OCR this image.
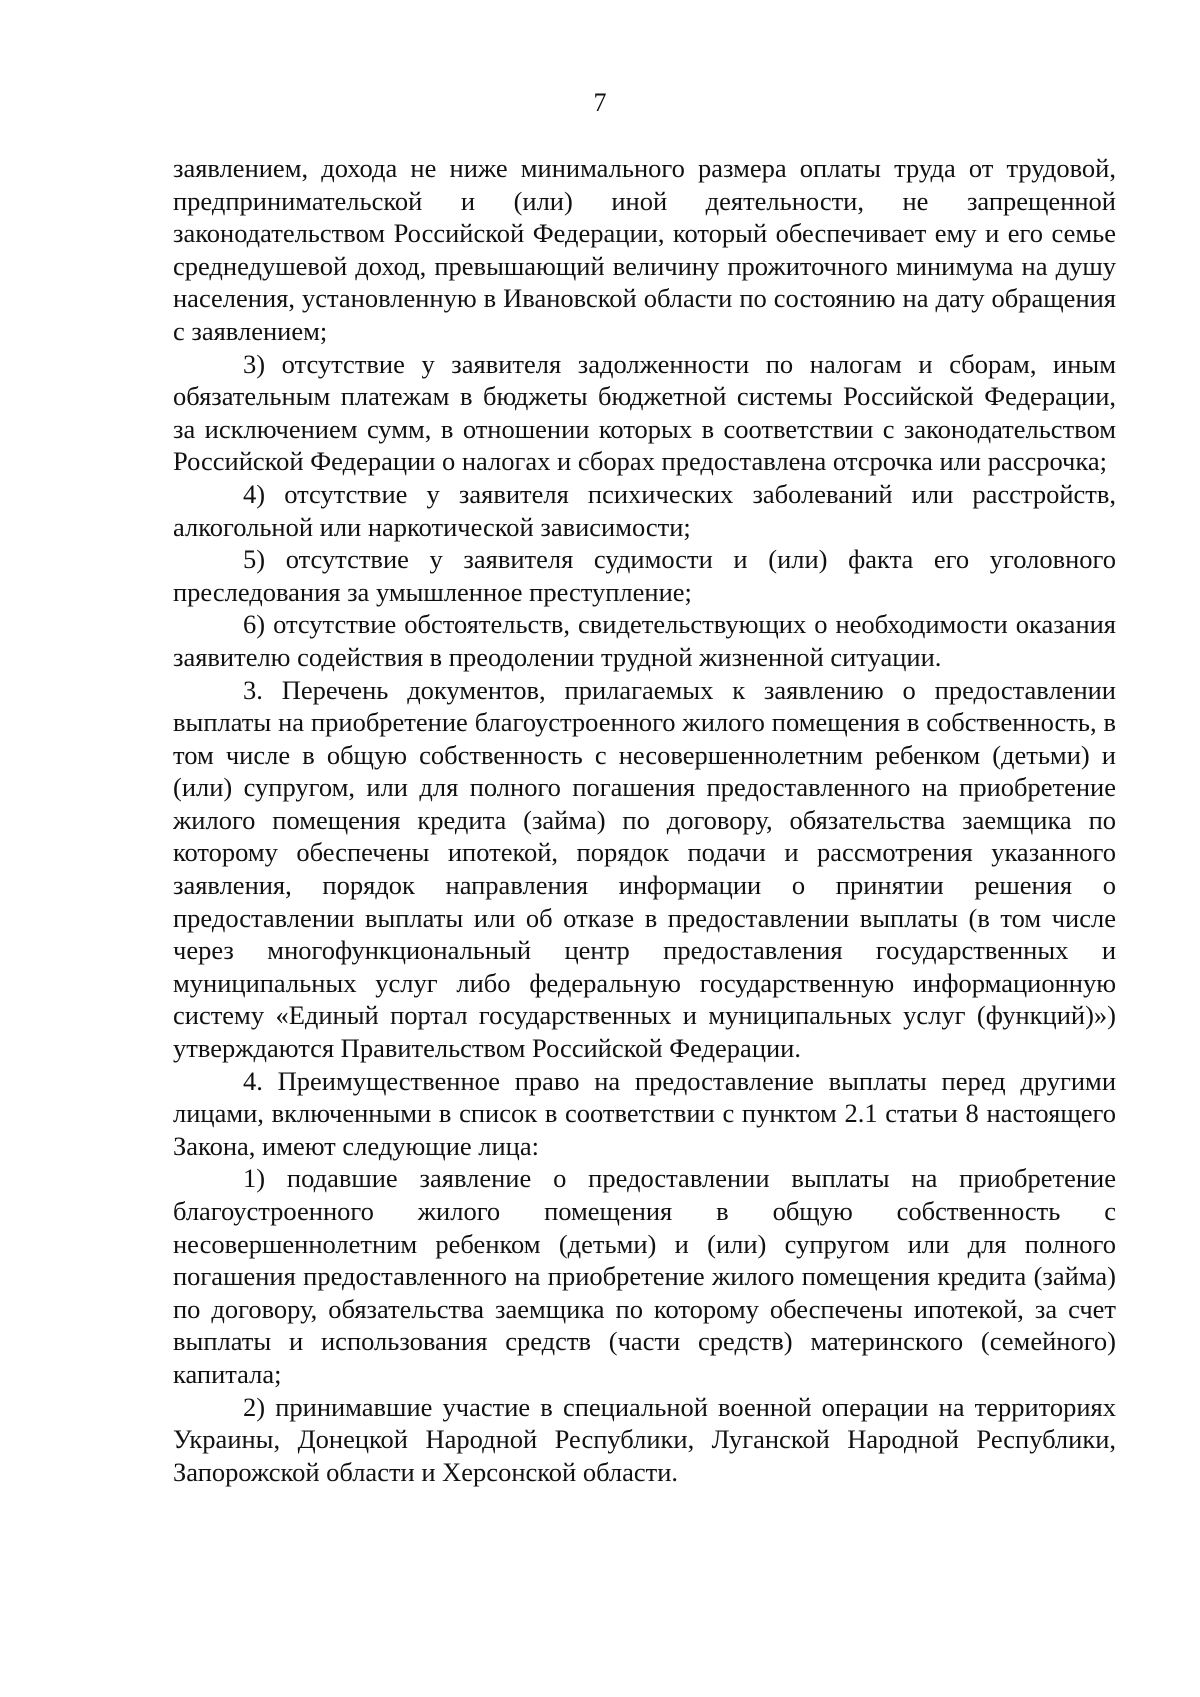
7

заявлением, дохода не ниже минимального размера оплаты труда от трудовой, предпринимательской и (или) иной деятельности, не запрещенной законодательством Российской Федерации, который обеспечивает ему и его семье среднедушевой доход, превышающий величину прожиточного минимума на душу населения, установленную в Ивановской области по состоянию на дату обращения с заявлением;

3) отсутствие у заявителя задолженности по налогам и сборам, иным обязательным платежам в бюджеты бюджетной системы Российской Федерации, за исключением сумм, в отношении которых в соответствии с законодательством Российской Федерации о налогах и сборах предоставлена отсрочка или рассрочка;

4) отсутствие у заявителя психических заболеваний или расстройств, алкогольной или наркотической зависимости;

5) отсутствие у заявителя судимости и (или) факта его уголовного преследования за умышленное преступление;

6) отсутствие обстоятельств, свидетельствующих о необходимости оказания заявителю содействия в преодолении трудной жизненной ситуации.

3. Перечень документов, прилагаемых к заявлению о предоставлении выплаты на приобретение благоустроенного жилого помещения в собственность, в том числе в общую собственность с несовершеннолетним ребенком (детьми) и (или) супругом, или для полного погашения предоставленного на приобретение жилого помещения кредита (займа) по договору, обязательства заемщика по которому обеспечены ипотекой, порядок подачи и рассмотрения указанного заявления, порядок направления информации о принятии решения о предоставлении выплаты или об отказе в предоставлении выплаты (в том числе через многофункциональный центр предоставления государственных и муниципальных услуг либо федеральную государственную информационную систему «Единый портал государственных и муниципальных услуг (функций)») утверждаются Правительством Российской Федерации.

4. Преимущественное право на предоставление выплаты перед другими лицами, включенными в список в соответствии с пунктом 2.1 статьи 8 настоящего Закона, имеют следующие лица:

1) подавшие заявление о предоставлении выплаты на приобретение благоустроенного жилого помещения в общую собственность с несовершеннолетним ребенком (детьми) и (или) супругом или для полного погашения предоставленного на приобретение жилого помещения кредита (займа) по договору, обязательства заемщика по которому обеспечены ипотекой, за счет выплаты и использования средств (части средств) материнского (семейного) капитала;

2) принимавшие участие в специальной военной операции на территориях Украины, Донецкой Народной Республики, Луганской Народной Республики, Запорожской области и Херсонской области.
